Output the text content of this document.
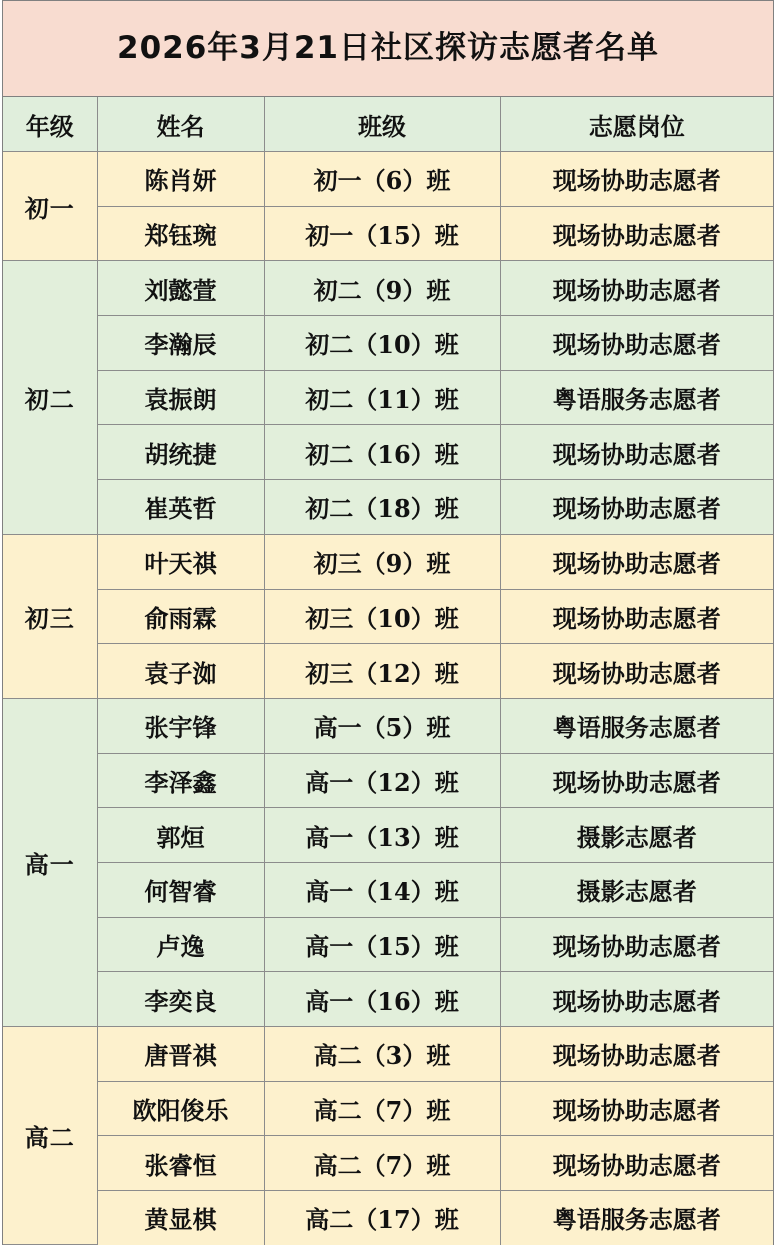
2026年3月21日社区探访志愿者名单
年级	姓名	班级	志愿岗位
初一	陈肖妍	初一（6）班	现场协助志愿者
	郑钰琬	初一（15）班	现场协助志愿者
初二	刘懿萱	初二（9）班	现场协助志愿者
	李瀚辰	初二（10）班	现场协助志愿者
	袁振朗	初二（11）班	粤语服务志愿者
	胡统捷	初二（16）班	现场协助志愿者
	崔英哲	初二（18）班	现场协助志愿者
初三	叶天祺	初三（9）班	现场协助志愿者
	俞雨霖	初三（10）班	现场协助志愿者
	袁子洳	初三（12）班	现场协助志愿者
高一	张宇锋	高一（5）班	粤语服务志愿者
	李泽鑫	高一（12）班	现场协助志愿者
	郭烜	高一（13）班	摄影志愿者
	何智睿	高一（14）班	摄影志愿者
	卢逸	高一（15）班	现场协助志愿者
	李奕良	高一（16）班	现场协助志愿者
高二	唐晋祺	高二（3）班	现场协助志愿者
	欧阳俊乐	高二（7）班	现场协助志愿者
	张睿恒	高二（7）班	现场协助志愿者
	黄显棋	高二（17）班	粤语服务志愿者
